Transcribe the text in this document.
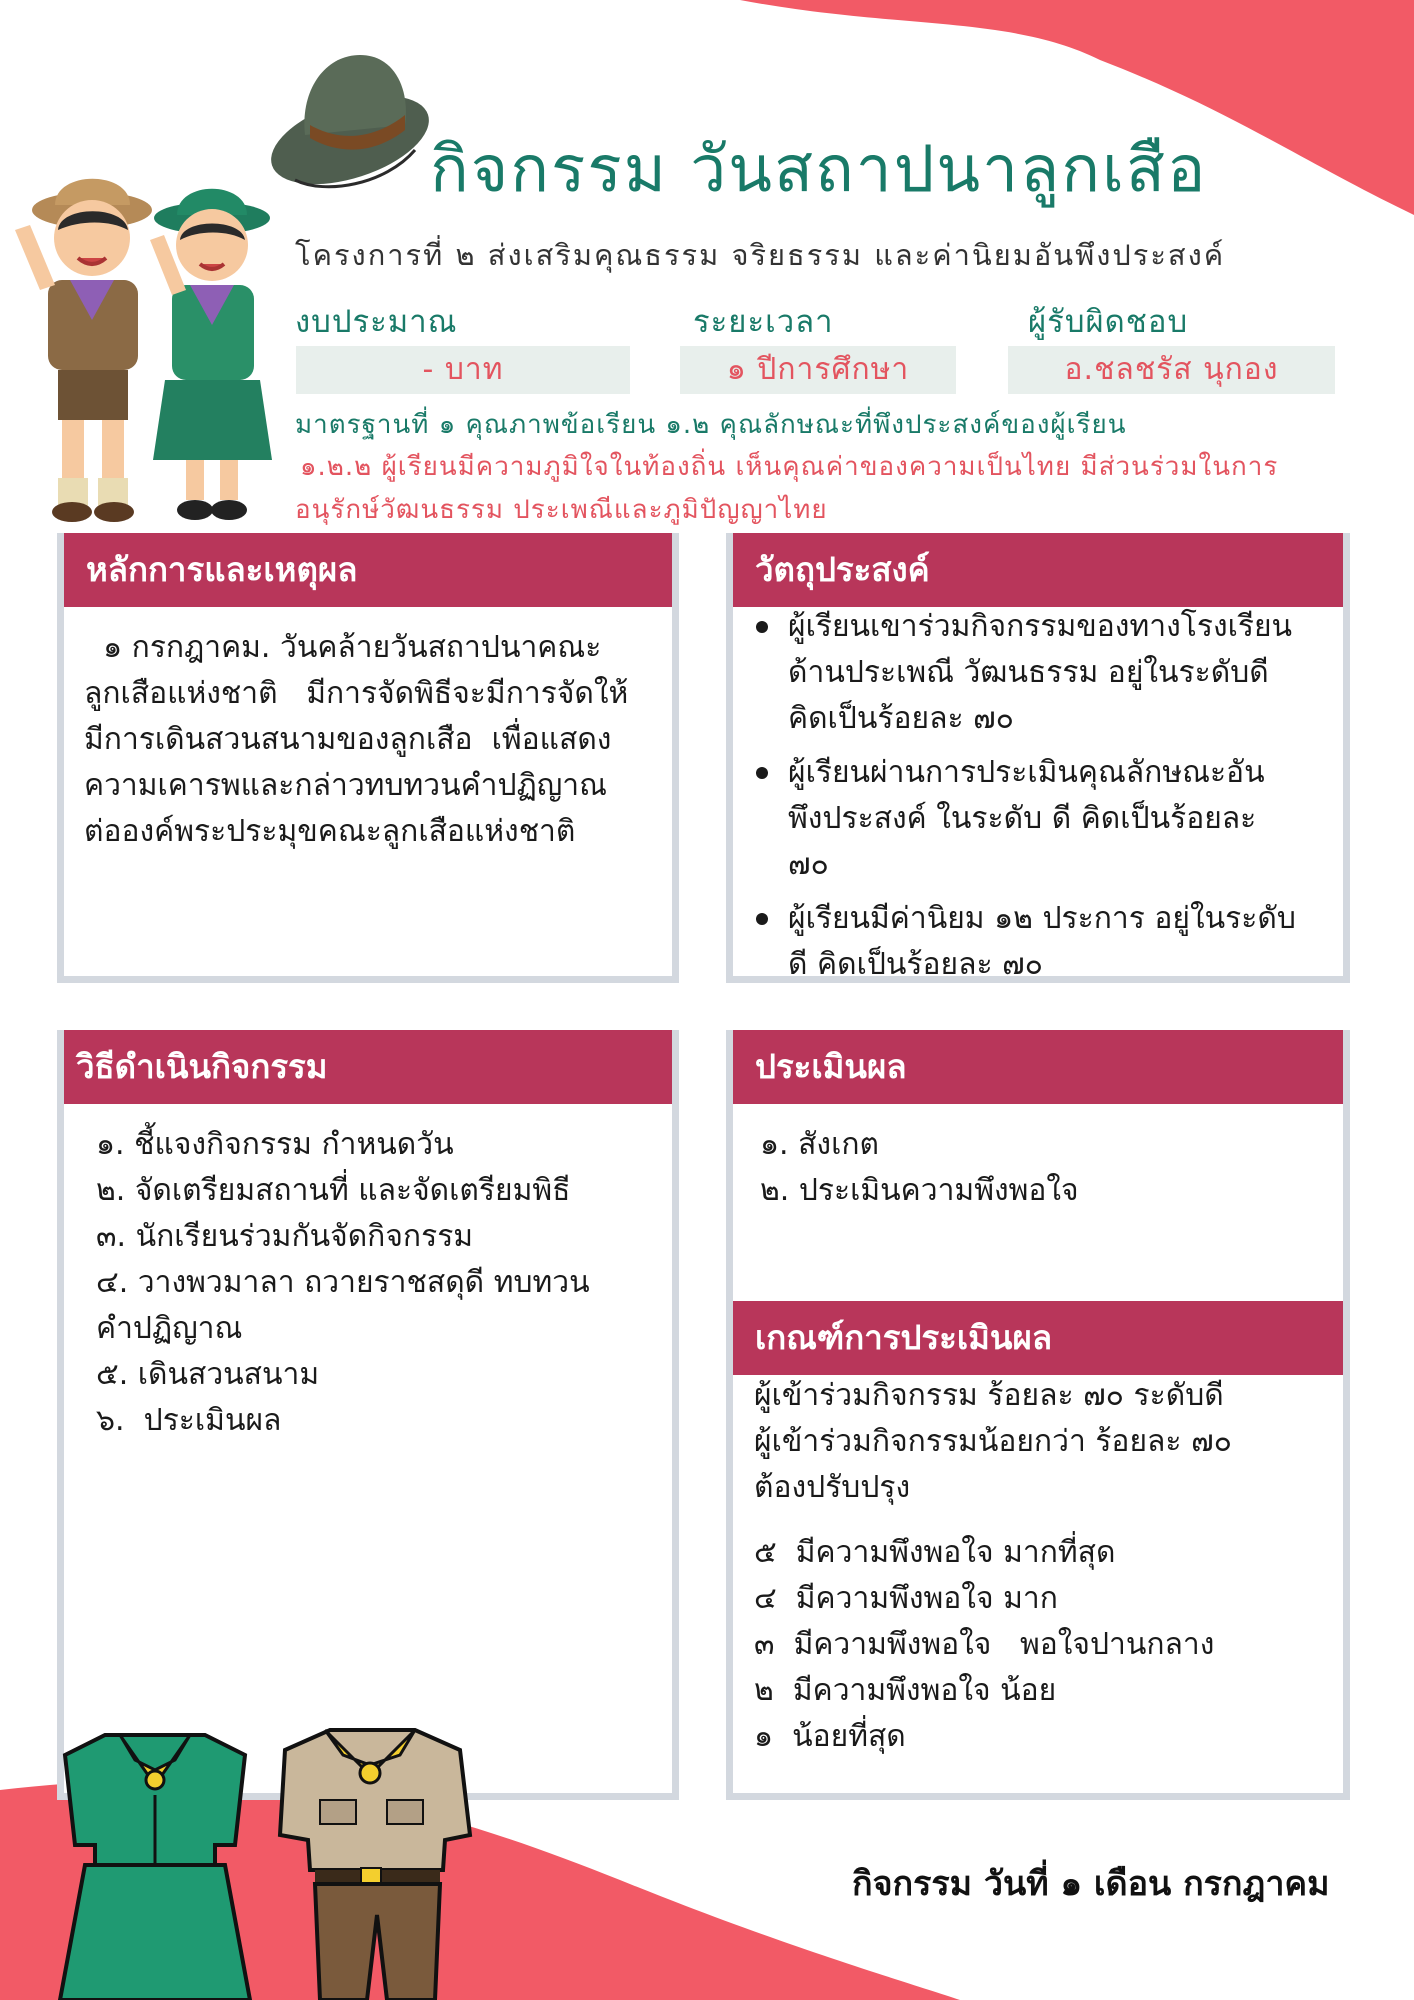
กิจกรรม วันสถาปนาลูกเสือ
โครงการที่ ๒ ส่งเสริมคุณธรรม จริยธรรม และค่านิยมอันพึงประสงค์
งบประมาณ	ระยะเวลา	ผู้รับผิดชอบ
- บาท	๑ ปีการศึกษา	อ.ชลชรัส นุกอง
มาตรฐานที่ ๑ คุณภาพข้อเรียน ๑.๒ คุณลักษณะที่พึงประสงค์ของผู้เรียน
๑.๒.๒ ผู้เรียนมีความภูมิใจในท้องถิ่น เห็นคุณค่าของความเป็นไทย มีส่วนร่วมในการ
อนุรักษ์วัฒนธรรม ประเพณีและภูมิปัญญาไทย
หลักการและเหตุผล
๑ กรกฎาคม. วันคล้ายวันสถาปนาคณะ
ลูกเสือแห่งชาติ   มีการจัดพิธีจะมีการจัดให้
มีการเดินสวนสนามของลูกเสือ  เพื่อแสดง
ความเคารพและกล่าวทบทวนคำปฏิญาณ
ต่อองค์พระประมุขคณะลูกเสือแห่งชาติ
วัตถุประสงค์
ผู้เรียนเขาร่วมกิจกรรมของทางโรงเรียน
ด้านประเพณี วัฒนธรรม อยู่ในระดับดี
คิดเป็นร้อยละ ๗๐
ผู้เรียนผ่านการประเมินคุณลักษณะอัน
พึงประสงค์ ในระดับ ดี คิดเป็นร้อยละ
๗๐
ผู้เรียนมีค่านิยม ๑๒ ประการ อยู่ในระดับ
ดี คิดเป็นร้อยละ ๗๐
วิธีดำเนินกิจกรรม
๑. ชี้แจงกิจกรรม กำหนดวัน
๒. จัดเตรียมสถานที่ และจัดเตรียมพิธี
๓. นักเรียนร่วมกันจัดกิจกรรม
๔. วางพวมาลา ถวายราชสดุดี ทบทวน
คำปฏิญาณ
๕. เดินสวนสนาม
๖.  ประเมินผล
ประเมินผล
๑. สังเกต
๒. ประเมินความพึงพอใจ
เกณฑ์การประเมินผล
ผู้เข้าร่วมกิจกรรม ร้อยละ ๗๐ ระดับดี
ผู้เข้าร่วมกิจกรรมน้อยกว่า ร้อยละ ๗๐
ต้องปรับปรุง
๕  มีความพึงพอใจ มากที่สุด
๔  มีความพึงพอใจ มาก
๓  มีความพึงพอใจ   พอใจปานกลาง
๒  มีความพึงพอใจ น้อย
๑  น้อยที่สุด
กิจกรรม วันที่ ๑ เดือน กรกฎาคม
